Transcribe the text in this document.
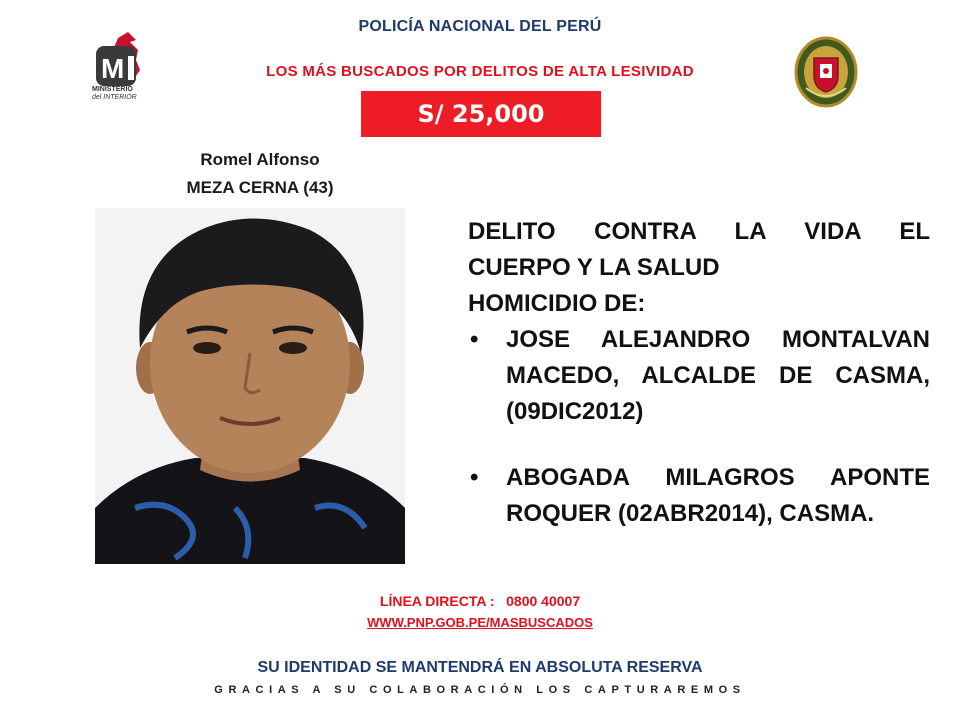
POLICÍA NACIONAL DEL PERÚ
LOS MÁS BUSCADOS POR DELITOS DE ALTA LESIVIDAD
M
MINISTERIO
del INTERIOR
S/ 25,000
Romel Alfonso
MEZA CERNA (43)
DELITO CONTRA LA VIDA EL
CUERPO Y LA SALUD
HOMICIDIO DE:
• JOSE ALEJANDRO MONTALVAN
MACEDO, ALCALDE DE CASMA,
(09DIC2012)
• ABOGADA MILAGROS APONTE
ROQUER (02ABR2014), CASMA.
LÍNEA DIRECTA :   0800 40007
WWW.PNP.GOB.PE/MASBUSCADOS
SU IDENTIDAD SE MANTENDRÁ EN ABSOLUTA RESERVA
GRACIAS A SU COLABORACIÓN LOS CAPTURAREMOS
